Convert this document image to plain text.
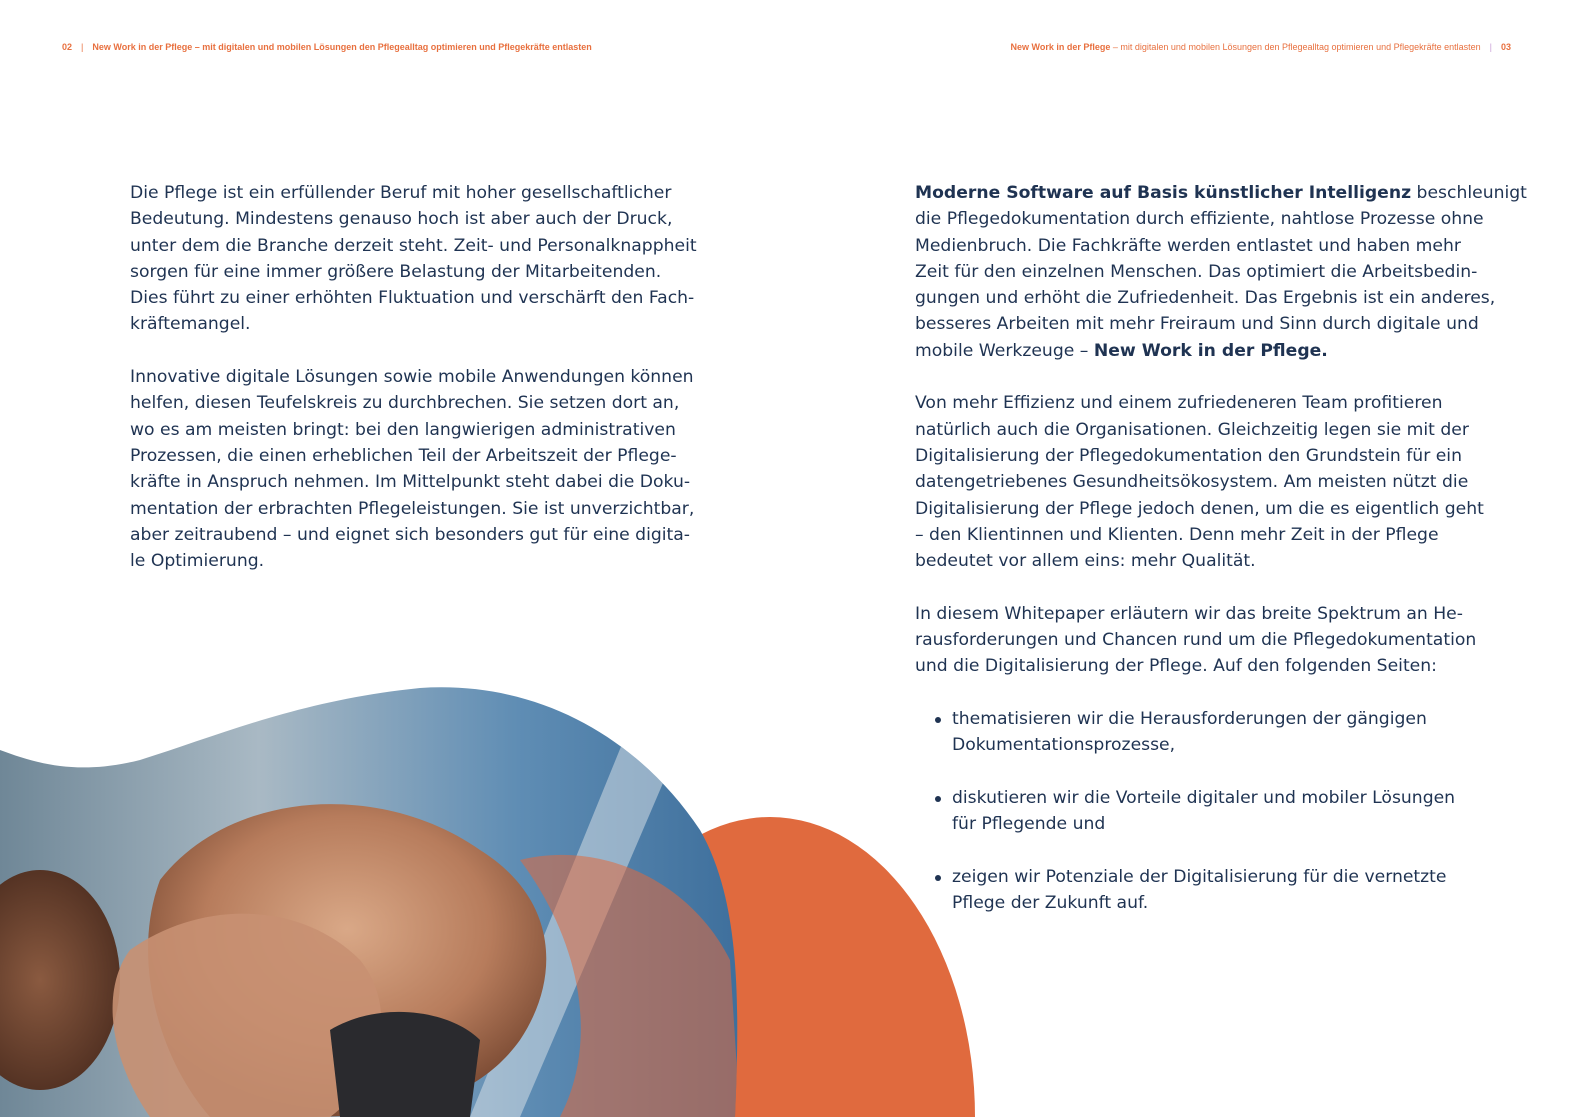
02 | New Work in der Pflege – mit digitalen und mobilen Lösungen den Pflegealltag optimieren und Pflegekräfte entlasten	New Work in der Pflege – mit digitalen und mobilen Lösungen den Pflegealltag optimieren und Pflegekräfte entlasten | 03
Die Pflege ist ein erfüllender Beruf mit hoher gesellschaftlicher
Bedeutung. Mindestens genauso hoch ist aber auch der Druck,
unter dem die Branche derzeit steht. Zeit- und Personalknappheit
sorgen für eine immer größere Belastung der Mitarbeitenden.
Dies führt zu einer erhöhten Fluktuation und verschärft den Fach-
kräftemangel.
Innovative digitale Lösungen sowie mobile Anwendungen können
helfen, diesen Teufelskreis zu durchbrechen. Sie setzen dort an,
wo es am meisten bringt: bei den langwierigen administrativen
Prozessen, die einen erheblichen Teil der Arbeitszeit der Pflege-
kräfte in Anspruch nehmen. Im Mittelpunkt steht dabei die Doku-
mentation der erbrachten Pflegeleistungen. Sie ist unverzichtbar,
aber zeitraubend – und eignet sich besonders gut für eine digita-
le Optimierung.
Moderne Software auf Basis künstlicher Intelligenz beschleunigt
die Pflegedokumentation durch effiziente, nahtlose Prozesse ohne
Medienbruch. Die Fachkräfte werden entlastet und haben mehr
Zeit für den einzelnen Menschen. Das optimiert die Arbeitsbedin-
gungen und erhöht die Zufriedenheit. Das Ergebnis ist ein anderes,
besseres Arbeiten mit mehr Freiraum und Sinn durch digitale und
mobile Werkzeuge – New Work in der Pflege.
Von mehr Effizienz und einem zufriedeneren Team profitieren
natürlich auch die Organisationen. Gleichzeitig legen sie mit der
Digitalisierung der Pflegedokumentation den Grundstein für ein
datengetriebenes Gesundheitsökosystem. Am meisten nützt die
Digitalisierung der Pflege jedoch denen, um die es eigentlich geht
– den Klientinnen und Klienten. Denn mehr Zeit in der Pflege
bedeutet vor allem eins: mehr Qualität.
In diesem Whitepaper erläutern wir das breite Spektrum an He-
rausforderungen und Chancen rund um die Pflegedokumentation
und die Digitalisierung der Pflege. Auf den folgenden Seiten:
thematisieren wir die Herausforderungen der gängigen
Dokumentationsprozesse,
diskutieren wir die Vorteile digitaler und mobiler Lösungen
für Pflegende und
zeigen wir Potenziale der Digitalisierung für die vernetzte
Pflege der Zukunft auf.
